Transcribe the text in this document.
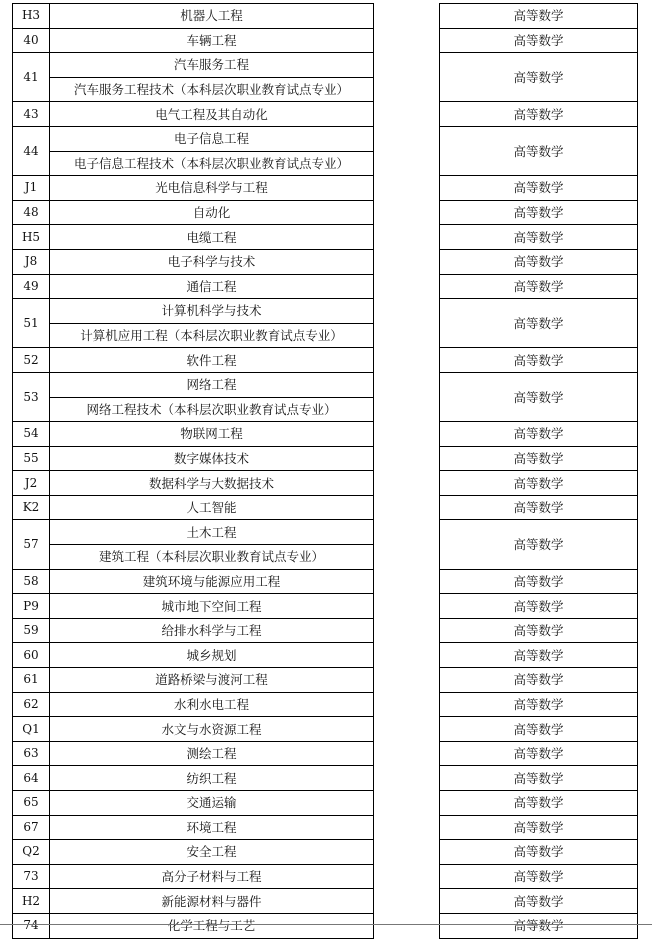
H3	机器人工程		高等数学
40	车辆工程		高等数学
41	汽车服务工程		高等数学
	汽车服务工程技术（本科层次职业教育试点专业）		
43	电气工程及其自动化		高等数学
44	电子信息工程		高等数学
	电子信息工程技术（本科层次职业教育试点专业）		
J1	光电信息科学与工程		高等数学
48	自动化		高等数学
H5	电缆工程		高等数学
J8	电子科学与技术		高等数学
49	通信工程		高等数学
51	计算机科学与技术		高等数学
	计算机应用工程（本科层次职业教育试点专业）		
52	软件工程		高等数学
53	网络工程		高等数学
	网络工程技术（本科层次职业教育试点专业）		
54	物联网工程		高等数学
55	数字媒体技术		高等数学
J2	数据科学与大数据技术		高等数学
K2	人工智能		高等数学
57	土木工程		高等数学
	建筑工程（本科层次职业教育试点专业）		
58	建筑环境与能源应用工程		高等数学
P9	城市地下空间工程		高等数学
59	给排水科学与工程		高等数学
60	城乡规划		高等数学
61	道路桥梁与渡河工程		高等数学
62	水利水电工程		高等数学
Q1	水文与水资源工程		高等数学
63	测绘工程		高等数学
64	纺织工程		高等数学
65	交通运输		高等数学
67	环境工程		高等数学
Q2	安全工程		高等数学
73	高分子材料与工程		高等数学
H2	新能源材料与器件		高等数学
74	化学工程与工艺		高等数学
